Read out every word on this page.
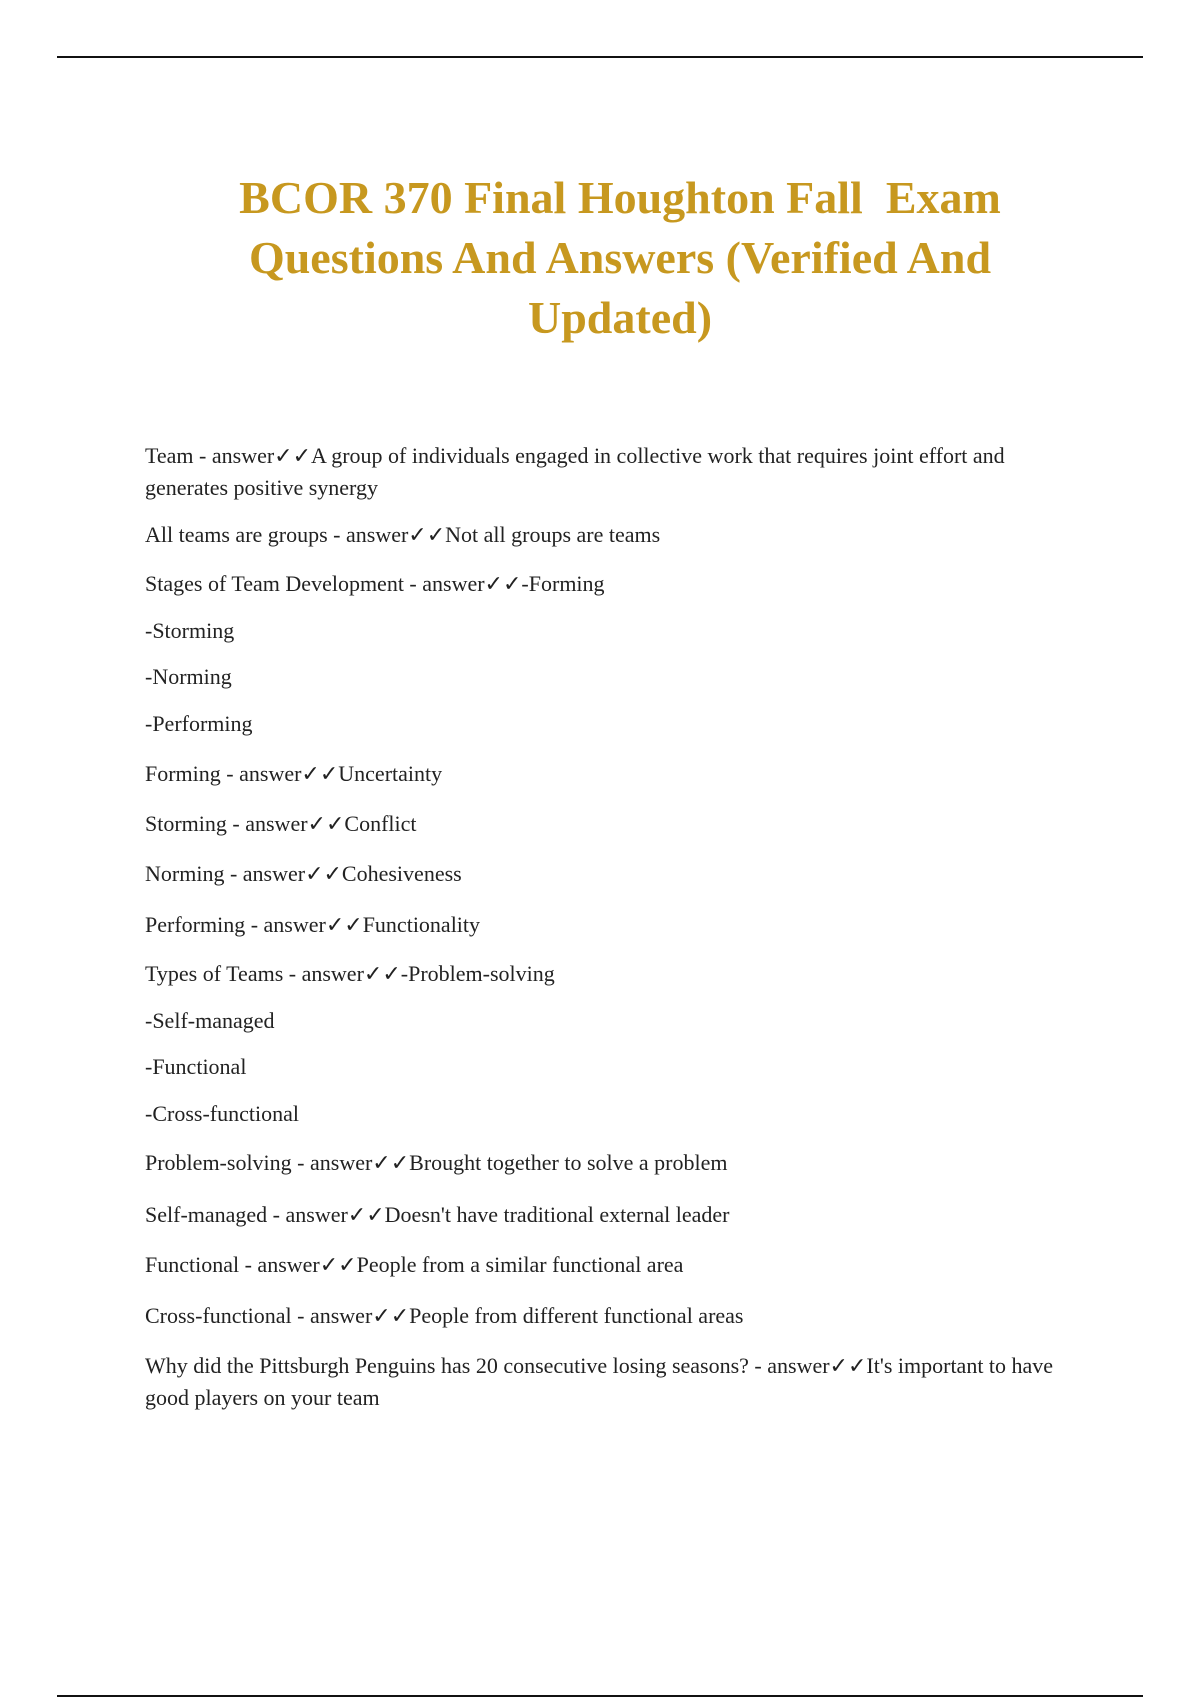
BCOR 370 Final Houghton Fall  Exam Questions And Answers (Verified And Updated)

Team - answer✓✓A group of individuals engaged in collective work that requires joint effort and generates positive synergy

All teams are groups - answer✓✓Not all groups are teams

Stages of Team Development - answer✓✓-Forming

-Storming

-Norming

-Performing

Forming - answer✓✓Uncertainty

Storming - answer✓✓Conflict

Norming - answer✓✓Cohesiveness

Performing - answer✓✓Functionality

Types of Teams - answer✓✓-Problem-solving

-Self-managed

-Functional

-Cross-functional

Problem-solving - answer✓✓Brought together to solve a problem

Self-managed - answer✓✓Doesn't have traditional external leader

Functional - answer✓✓People from a similar functional area

Cross-functional - answer✓✓People from different functional areas

Why did the Pittsburgh Penguins has 20 consecutive losing seasons? - answer✓✓It's important to have good players on your team
